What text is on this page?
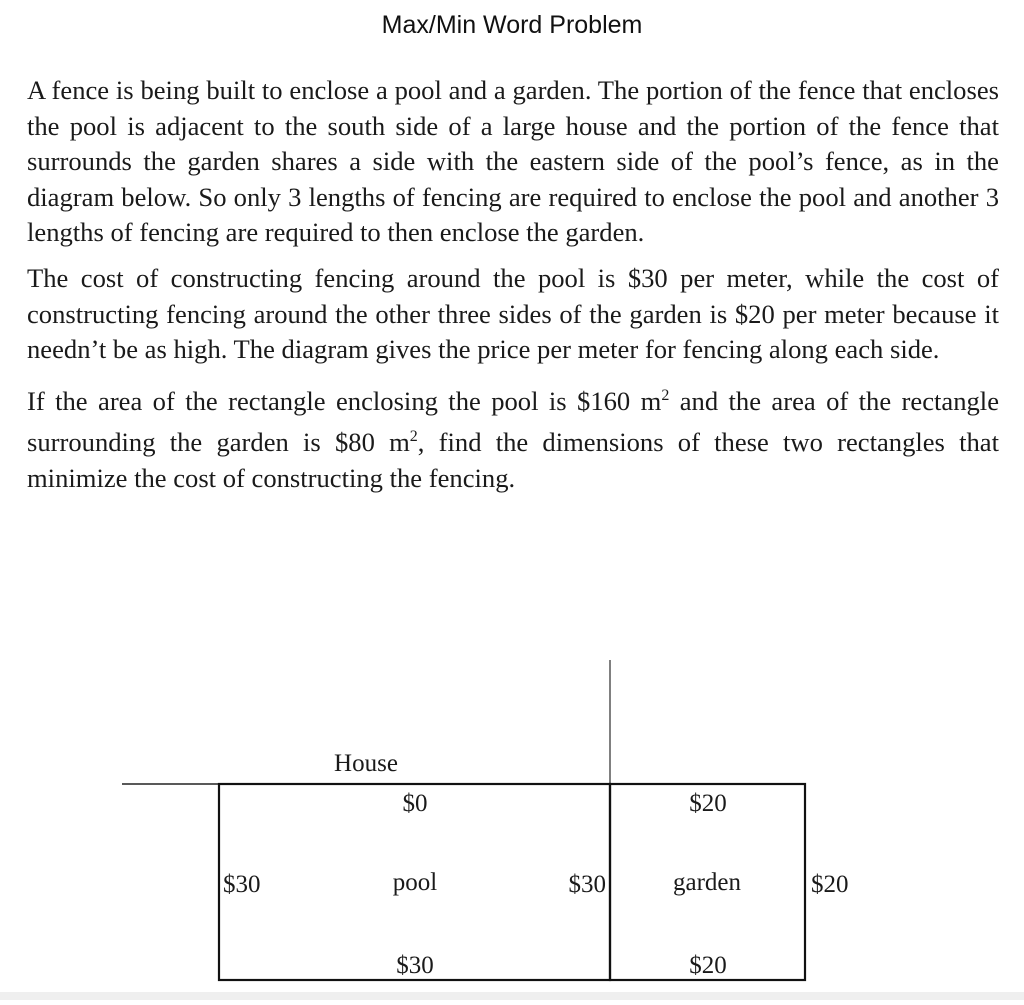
Max/Min Word Problem

A fence is being built to enclose a pool and a garden. The portion of the fence that encloses the pool is adjacent to the south side of a large house and the portion of the fence that surrounds the garden shares a side with the eastern side of the pool’s fence, as in the diagram below. So only 3 lengths of fencing are required to enclose the pool and another 3 lengths of fencing are required to then enclose the garden.

The cost of constructing fencing around the pool is $30 per meter, while the cost of constructing fencing around the other three sides of the garden is $20 per meter because it needn’t be as high. The diagram gives the price per meter for fencing along each side.

If the area of the rectangle enclosing the pool is $160 $m^2$ and the area of the rectangle surrounding the garden is $80 $m^2$, find the dimensions of these two rectangles that minimize the cost of constructing the fencing.

House
$0	$20
$30	pool	$30	garden	$20
$30	$20
